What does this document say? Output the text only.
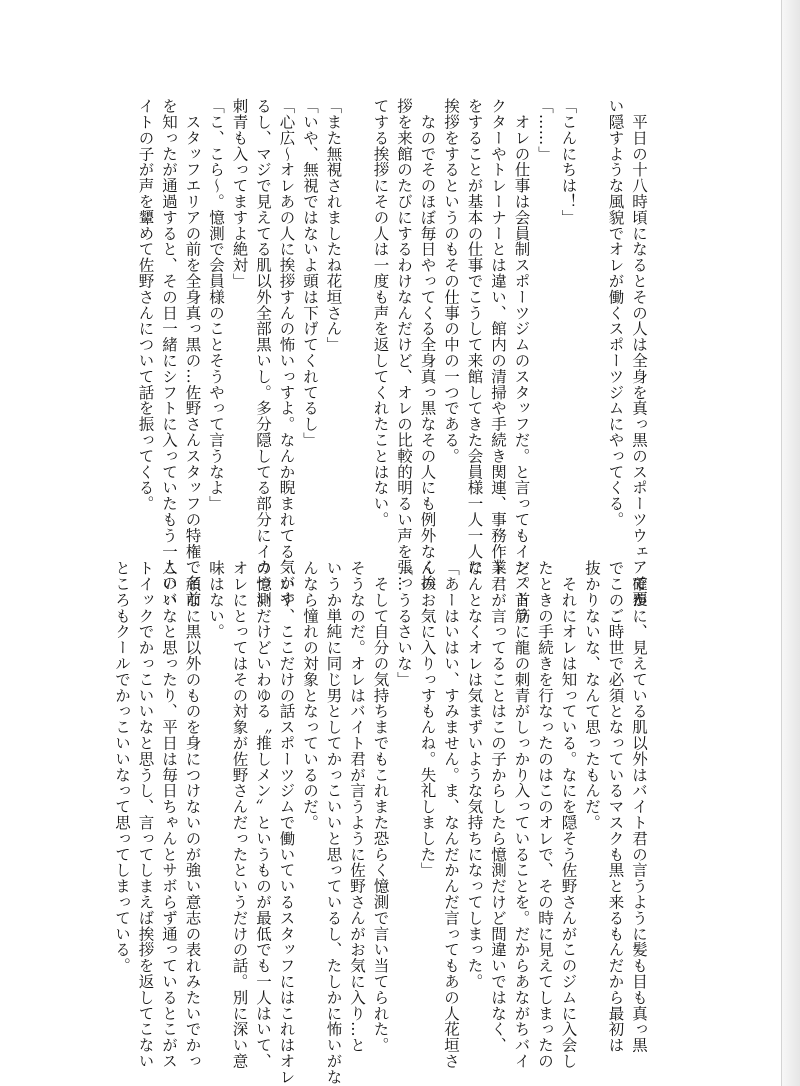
　平日の十八時頃になるとその人は全身を真っ黒のスポーツウェアで覆

い隠すような風貌でオレが働くスポーツジムにやってくる。

「こんにちは！」

「……」

　オレの仕事は会員制スポーツジムのスタッフだ。と言ってもインストラ

クターやトレーナーとは違い、館内の清掃や手続き関連、事務作業

をすることが基本の仕事でこうして来館してきた会員様一人一人に

挨拶をするというのもその仕事の中の一つである。

　なのでそのほぼ毎日やってくる全身真っ黒なその人にも例外なく挨

拶を来館のたびにするわけなんだけど、オレの比較的明るい声を張っ

てする挨拶にその人は一度も声を返してくれたことはない。

「また無視されましたね花垣さん」

「いや、無視ではないよ頭は下げてくれてるし」

「心広～オレあの人に挨拶すんの怖いっすよ。なんか睨まれてる気がす

るし、マジで見えてる肌以外全部黒いし。多分隠してる部分にイカつい

刺青も入ってますよ絶対」

「こ、こら～。憶測で会員様のことそうやって言うなよ」

　スタッフエリアの前を全身真っ黒の…佐野さんスタッフの特権で名前

を知ったが通過すると、その日一緒にシフトに入っていたもう一人のバ

イトの子が声を顰めて佐野さんについて話を振ってくる。

　確かに、見えている肌以外はバイト君の言うように髪も目も真っ黒

でこのご時世で必須となっているマスクも黒と来るもんだから最初は

抜かりないな、なんて思ったもんだ。

　それにオレは知っている。なにを隠そう佐野さんがこのジムに入会し

たときの手続きを行なったのはこのオレで、その時に見えてしまったの

だ。首筋に龍の刺青がしっかり入っていることを。だからあながちバイ

ト君が言ってることはこの子からしたら憶測だけど間違いではなく、

なんとなくオレは気まずいような気持ちになってしまった。

「あーはいはい、すみません。ま、なんだかんだ言ってもあの人花垣さ

んのお気に入りっすもんね。失礼しました」

「…うるさいな」

　そして自分の気持ちまでもこれまた恐らく憶測で言い当てられた。

そうなのだ。オレはバイト君が言うように佐野さんがお気に入り…と

いうか単純に同じ男としてかっこいいと思っているし、たしかに怖いがな

んなら憧れの対象となっているのだ。

　いや、ここだけの話スポーツジムで働いているスタッフにはこれはオレ

の憶測だけどいわゆる〝推しメン〟というものが最低でも一人はいて、

オレにとってはその対象が佐野さんだったというだけの話。別に深い意

味はない。

　頑なに黒以外のものを身につけないのが強い意志の表れみたいでかっ

こいいなと思ったり、平日は毎日ちゃんとサボらず通っているとこがス

トイックでかっこいいなと思うし、言ってしまえば挨拶を返してこない

ところもクールでかっこいいなって思ってしまっている。
